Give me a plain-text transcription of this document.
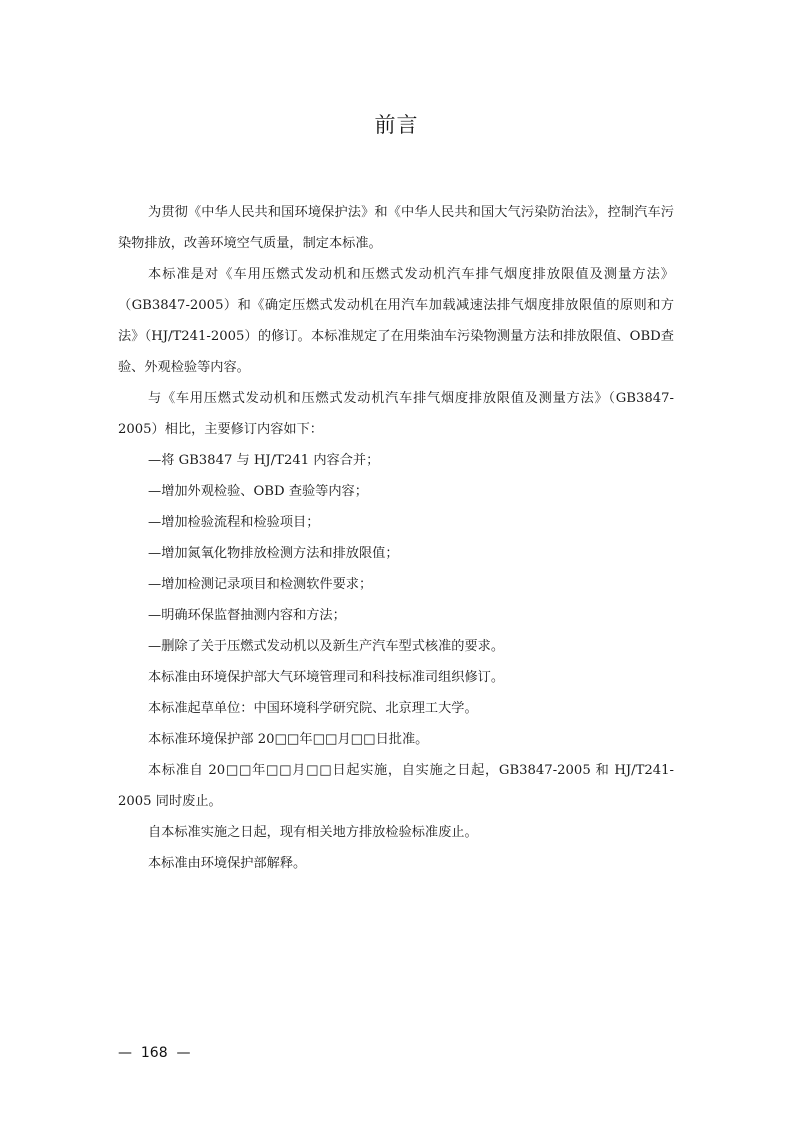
前言

为贯彻《中华人民共和国环境保护法》和《中华人民共和国大气污染防治法》，控制汽车污染物排放，改善环境空气质量，制定本标准。

本标准是对《车用压燃式发动机和压燃式发动机汽车排气烟度排放限值及测量方法》（GB3847-2005）和《确定压燃式发动机在用汽车加载减速法排气烟度排放限值的原则和方法》（HJ/T241-2005）的修订。本标准规定了在用柴油车污染物测量方法和排放限值、OBD查验、外观检验等内容。

与《车用压燃式发动机和压燃式发动机汽车排气烟度排放限值及测量方法》（GB3847-2005）相比，主要修订内容如下：

—将 GB3847 与 HJ/T241 内容合并；

—增加外观检验、OBD 查验等内容；

—增加检验流程和检验项目；

—增加氮氧化物排放检测方法和排放限值；

—增加检测记录项目和检测软件要求；

—明确环保监督抽测内容和方法；

—删除了关于压燃式发动机以及新生产汽车型式核准的要求。

本标准由环境保护部大气环境管理司和科技标准司组织修订。

本标准起草单位：中国环境科学研究院、北京理工大学。

本标准环境保护部 20□□年□□月□□日批准。

本标准自 20□□年□□月□□日起实施，自实施之日起，GB3847-2005 和 HJ/T241-2005 同时废止。

自本标准实施之日起，现有相关地方排放检验标准废止。

本标准由环境保护部解释。

—  168  —
